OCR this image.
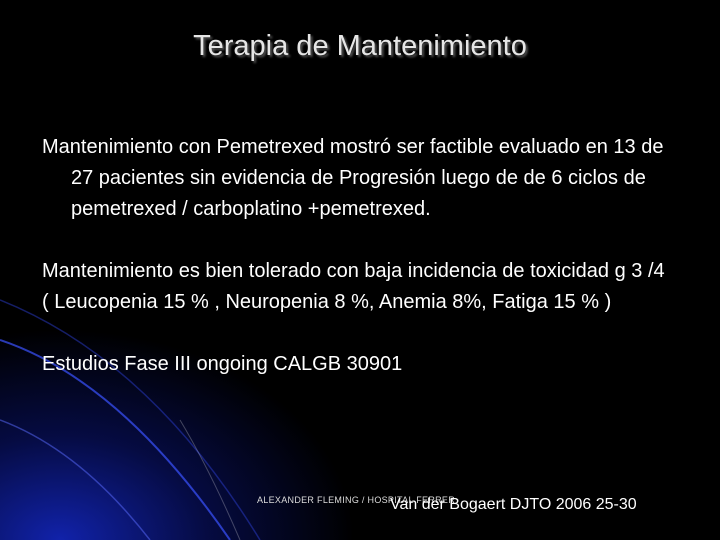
Terapia de Mantenimiento

Mantenimiento con Pemetrexed mostró ser factible evaluado en 13 de 27 pacientes sin evidencia de Progresión luego de de 6 ciclos de pemetrexed / carboplatino +pemetrexed.

Mantenimiento es bien tolerado con baja incidencia de toxicidad g 3 /4

( Leucopenia 15 % , Neuropenia 8 %, Anemia 8%, Fatiga 15 % )

Estudios Fase III ongoing CALGB 30901

ALEXANDER FLEMING / HOSPITAL FERRER
Van der Bogaert DJTO 2006 25-30
